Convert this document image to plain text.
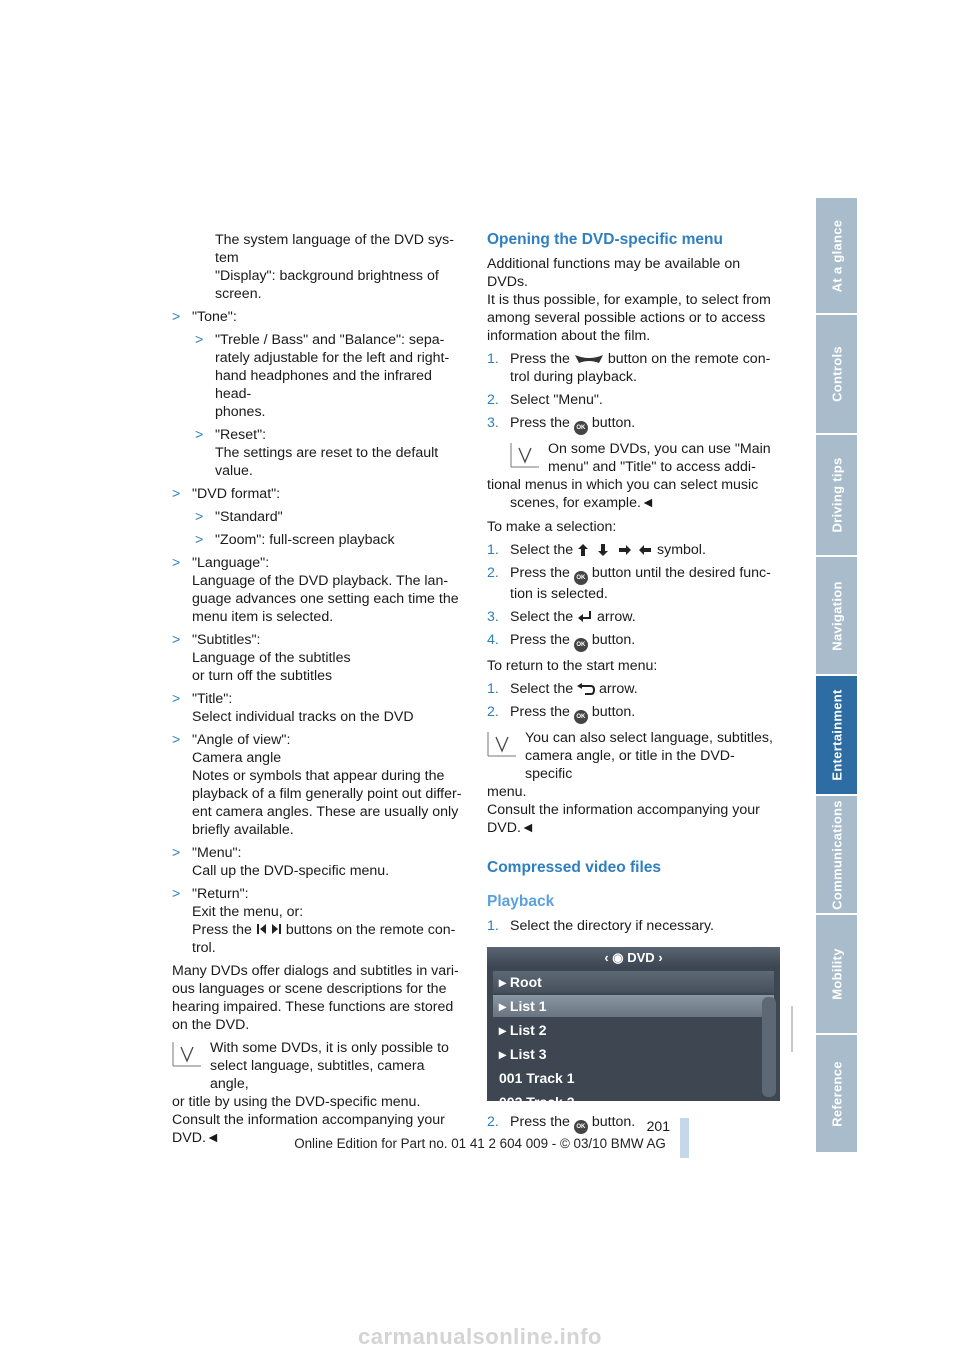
At a glance
Controls
Driving tips
Navigation
Entertainment
Communications
Mobility
Reference

The system language of the DVD sys-
tem
"Display": background brightness of
screen.

> "Tone":
> "Treble / Bass" and "Balance": sepa-
rately adjustable for the left and right-
hand headphones and the infrared head-
phones.
> "Reset":
The settings are reset to the default
value.
> "DVD format":
> "Standard"
> "Zoom": full-screen playback
> "Language":
Language of the DVD playback. The lan-
guage advances one setting each time the
menu item is selected.
> "Subtitles":
Language of the subtitles
or turn off the subtitles
> "Title":
Select individual tracks on the DVD
> "Angle of view":
Camera angle
Notes or symbols that appear during the
playback of a film generally point out differ-
ent camera angles. These are usually only
briefly available.
> "Menu":
Call up the DVD-specific menu.
> "Return":
Exit the menu, or:
Press the buttons on the remote con-
trol.

Many DVDs offer dialogs and subtitles in vari-
ous languages or scene descriptions for the
hearing impaired. These functions are stored
on the DVD.

With some DVDs, it is only possible to
select language, subtitles, camera angle,
or title by using the DVD-specific menu.
Consult the information accompanying your
DVD.◄
Opening the DVD-specific menu

Additional functions may be available on DVDs.
It is thus possible, for example, to select from
among several possible actions or to access
information about the film.

1. Press the	button on the remote con-
trol during playback.
2. Select "Menu".
3. Press the OK button.
On some DVDs, you can use "Main
menu" and "Title" to access addi-
tional menus in which you can select music
scenes, for example.◄

To make a selection:

1. Select the	symbol.
2. Press the OK button until the desired func-
tion is selected.
3. Select the arrow.
4. Press the OK button.

To return to the start menu:

1. Select the arrow.
2. Press the OK button.
You can also select language, subtitles,
camera angle, or title in the DVD-specific
menu.
Consult the information accompanying your
DVD.◄
Compressed video files
Playback
1. Select the directory if necessary.
‹ ◉ DVD ›
▸ Root
▸ List 1
▸ List 2
▸ List 3
001 Track 1
002 Track 2
2. Press the OK button. 201
Online Edition for Part no. 01 41 2 604 009 - © 03/10 BMW AG
carmanualsonline.info
